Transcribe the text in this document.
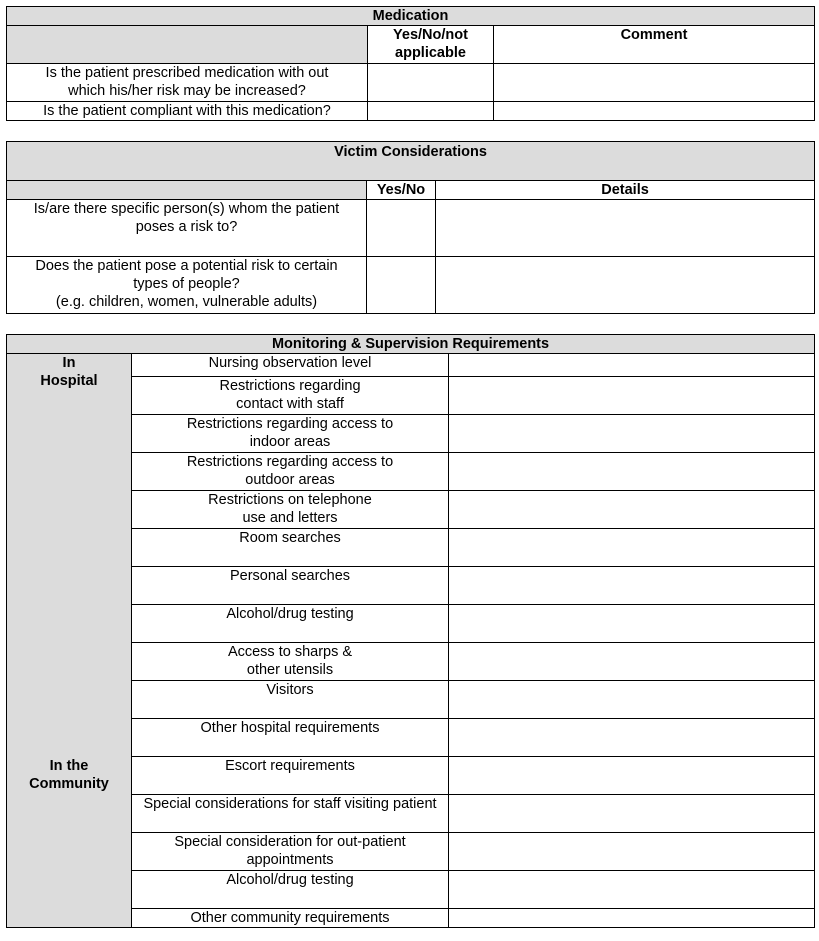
Medication		
	Yes/No/not applicable	Comment
Is the patient prescribed medication with out which his/her risk may be increased?		
Is the patient compliant with this medication?		
Victim Considerations		
	Yes/No	Details
Is/are there specific person(s) whom the patient poses a risk to?		

Does the patient pose a potential risk to certain types of people?
(e.g. children, women, vulnerable adults)		

Monitoring & Supervision Requirements		
In Hospital	Nursing observation level	
	Restrictions regarding contact with staff	
	Restrictions regarding access to indoor areas	
	Restrictions regarding access to outdoor areas	
	Restrictions on telephone use and letters	
	Room searches	
	Personal searches	
	Alcohol/drug testing	
	Access to sharps & other utensils	
	Visitors	
	Other hospital requirements	
In the Community	Escort requirements	
	Special considerations for staff visiting patient	
	Special consideration for out-patient appointments	
	Alcohol/drug testing	
	Other community requirements	
